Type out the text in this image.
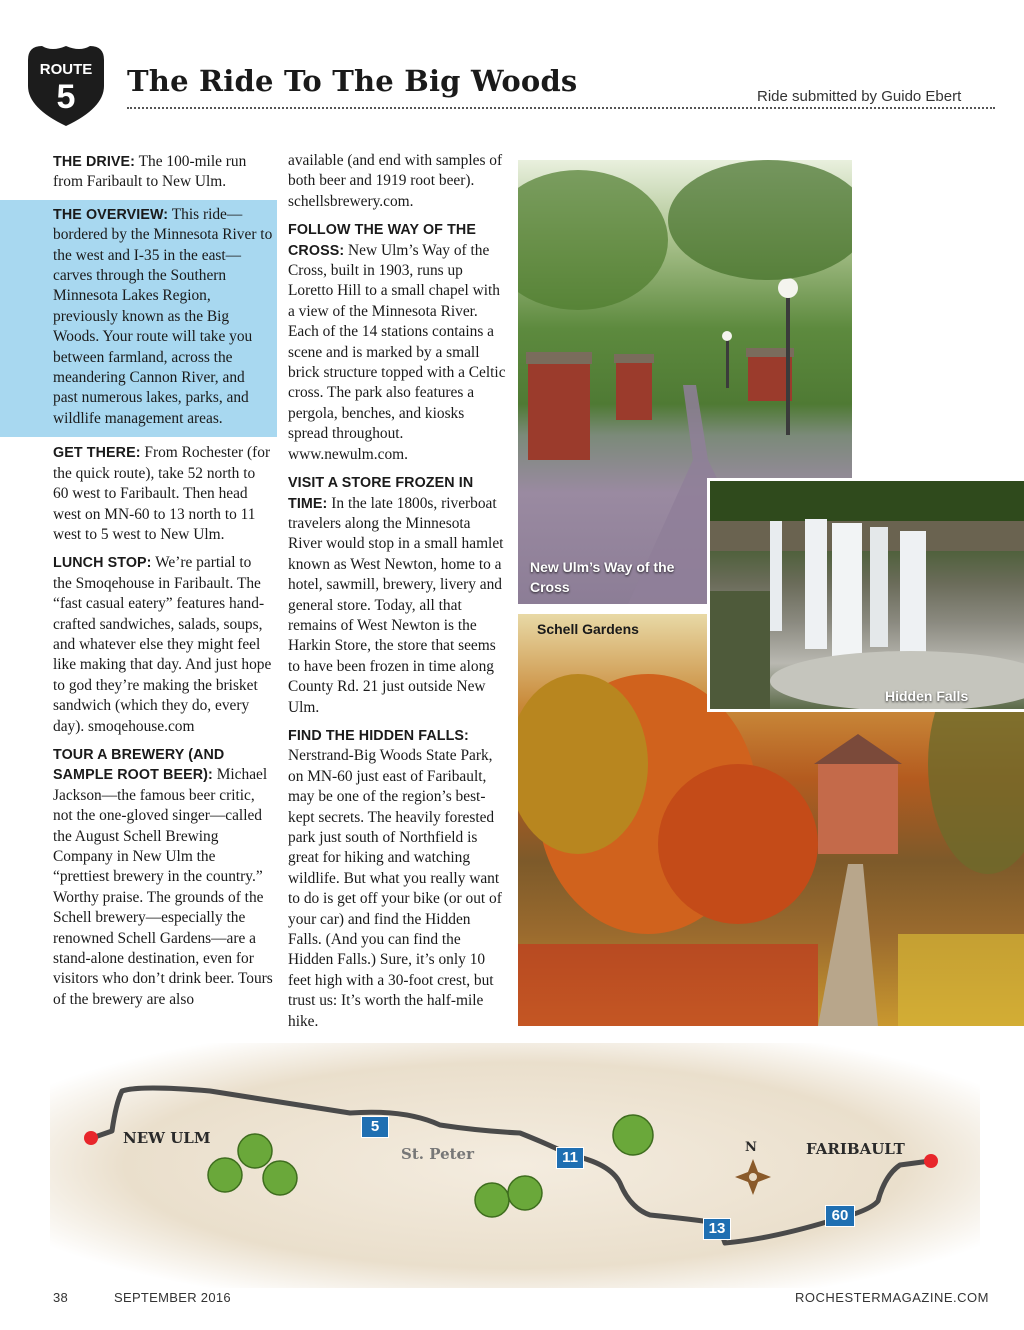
ROUTE
5 The Ride To The Big Woods	Ride submitted by Guido Ebert

THE DRIVE: The 100-mile run from Faribault to New Ulm.

THE OVERVIEW: This ride—bordered by the Minnesota River to the west and I-35 in the east—carves through the Southern Minnesota Lakes Region, previously known as the Big Woods. Your route will take you between farmland, across the meandering Cannon River, and past numerous lakes, parks, and wildlife management areas.

GET THERE: From Rochester (for the quick route), take 52 north to 60 west to Faribault. Then head west on MN-60 to 13 north to 11 west to 5 west to New Ulm.

LUNCH STOP: We’re partial to the Smoqehouse in Faribault. The “fast casual eatery” features hand-crafted sandwiches, salads, soups, and whatever else they might feel like making that day. And just hope to god they’re making the brisket sandwich (which they do, every day). smoqehouse.com

TOUR A BREWERY (AND SAMPLE ROOT BEER): Michael Jackson—the famous beer critic, not the one-gloved singer—called the August Schell Brewing Company in New Ulm the “prettiest brewery in the country.” Worthy praise. The grounds of the Schell brewery—especially the renowned Schell Gardens—are a stand-alone destination, even for visitors who don’t drink beer. Tours of the brewery are also

available (and end with samples of both beer and 1919 root beer). schellsbrewery.com.

FOLLOW THE WAY OF THE CROSS: New Ulm’s Way of the Cross, built in 1903, runs up Loretto Hill to a small chapel with a view of the Minnesota River. Each of the 14 stations contains a scene and is marked by a small brick structure topped with a Celtic cross. The park also features a pergola, benches, and kiosks spread throughout. www.newulm.com.

VISIT A STORE FROZEN IN TIME: In the late 1800s, riverboat travelers along the Minnesota River would stop in a small hamlet known as West Newton, home to a hotel, sawmill, brewery, livery and general store. Today, all that remains of West Newton is the Harkin Store, the store that seems to have been frozen in time along County Rd. 21 just outside New Ulm.

FIND THE HIDDEN FALLS: Nerstrand-Big Woods State Park, on MN-60 just east of Faribault, may be one of the region’s best-kept secrets. The heavily forested park just south of Northfield is great for hiking and watching wildlife. But what you really want to do is get off your bike (or out of your car) and find the Hidden Falls. (And you can find the Hidden Falls.) Sure, it’s only 10 feet high with a 30-foot crest, but trust us: It’s worth the half-mile hike.

New Ulm’s Way of the Cross
Schell Gardens
Hidden Falls
NEW ULM
St. Peter	FARIBAULT
N
5
11
13
60
38	SEPTEMBER 2016	ROCHESTERMAGAZINE.COM
